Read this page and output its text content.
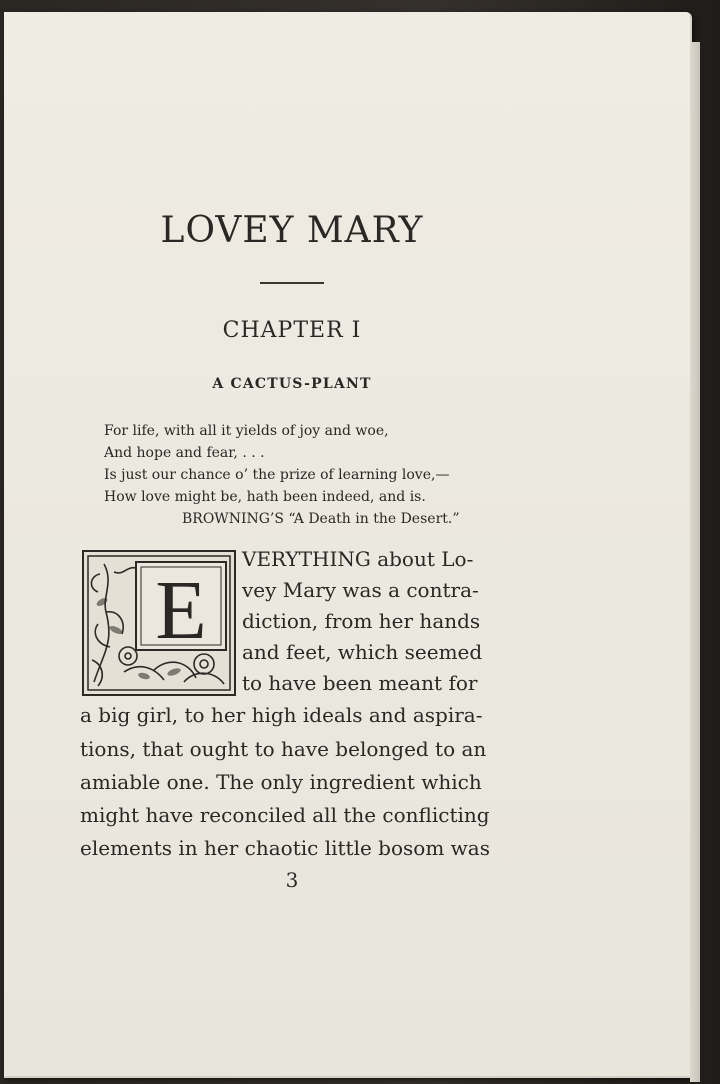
LOVEY MARY
CHAPTER I
A CACTUS-PLANT
For life, with all it yields of joy and woe,
And hope and fear, . . .
Is just our chance o’ the prize of learning love,—
How love might be, hath been indeed, and is.
BROWNING’S “A Death in the Desert.”
E
VERYTHING about Lo-
vey Mary was a contra-
diction, from her hands
and feet, which seemed
to have been meant for
a big girl, to her high ideals and aspira-
tions, that ought to have belonged to an
amiable one. The only ingredient which
might have reconciled all the conflicting
elements in her chaotic little bosom was
3
